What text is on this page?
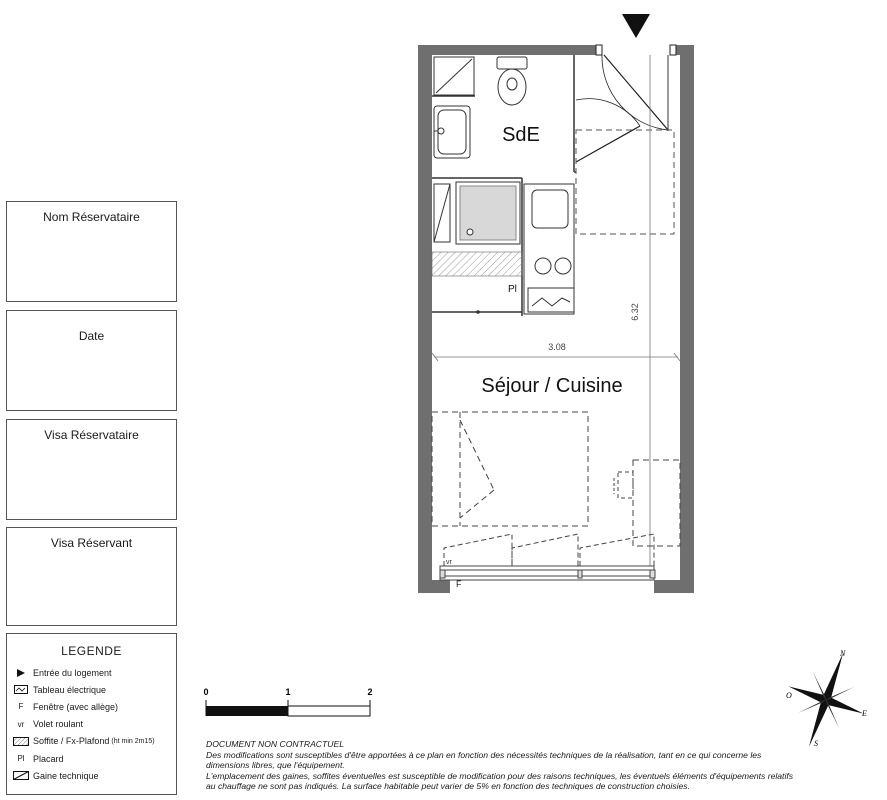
Nom Réservataire
Date
Visa Réservataire
Visa Réservant
LEGENDE
Entrée du logement
Tableau électrique
F	Fenêtre (avec allège)
vr Volet roulant
Soffite / Fx-Plafond (ht min 2m15)
Pl Placard
Gaine technique
SdE
Pl
3.08
6.32
Séjour / Cuisine
vr
F
0	1	2
N
E
S
O

DOCUMENT NON CONTRACTUEL

Des modifications sont susceptibles d'être apportées à ce plan en fonction des nécessités techniques de la réalisation, tant en ce qui concerne les

dimensions libres, que l'équipement.

L'emplacement des gaines, soffites éventuelles est susceptible de modification pour des raisons techniques, les éventuels éléments d'équipements relatifs

au chauffage ne sont pas indiqués. La surface habitable peut varier de 5% en fonction des techniques de construction choisies.
